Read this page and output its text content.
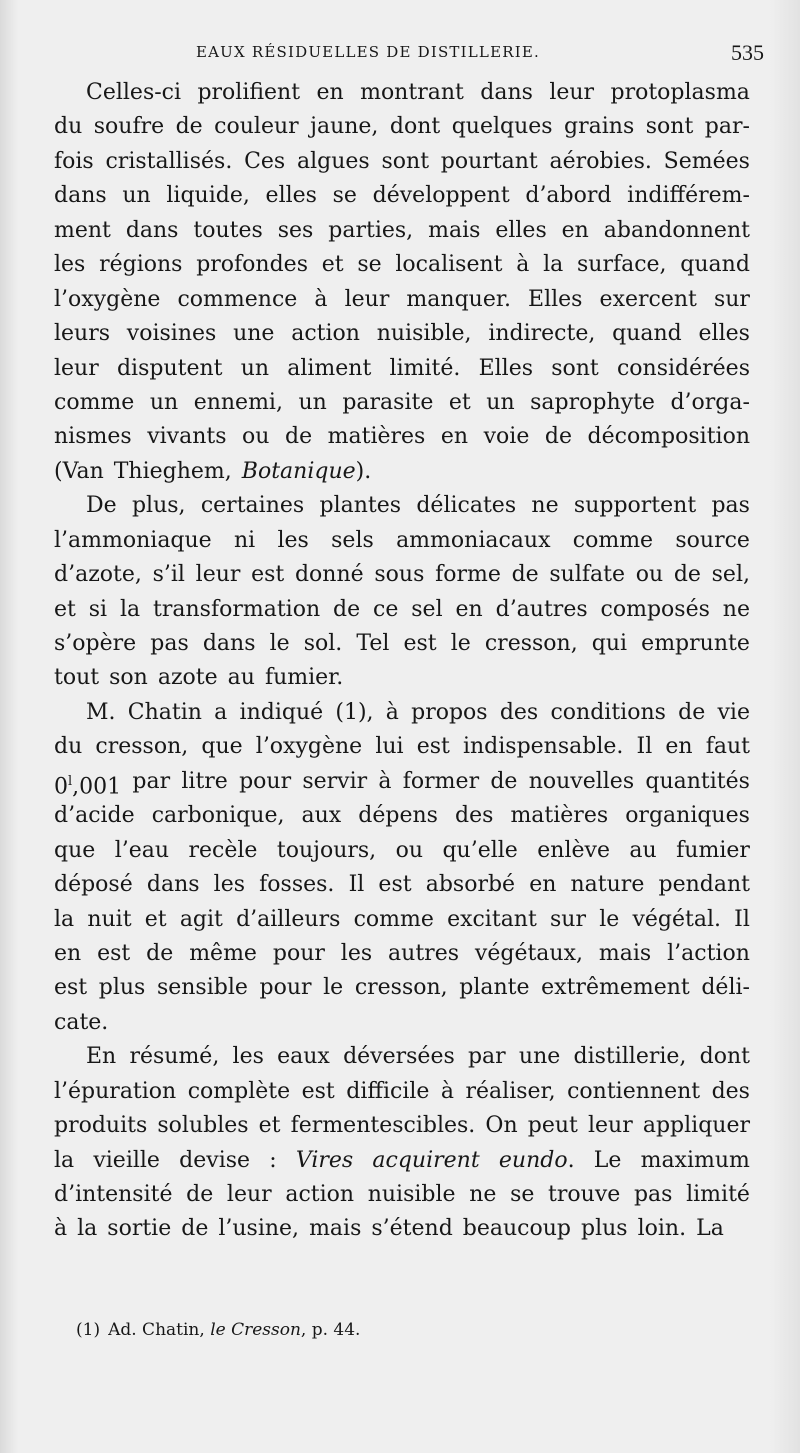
EAUX RÉSIDUELLES DE DISTILLERIE.	535
Celles-ci prolifient en montrant dans leur protoplasma
du soufre de couleur jaune, dont quelques grains sont par-
fois cristallisés. Ces algues sont pourtant aérobies. Semées
dans un liquide, elles se développent d’abord indifférem-
ment dans toutes ses parties, mais elles en abandonnent
les régions profondes et se localisent à la surface, quand
l’oxygène commence à leur manquer. Elles exercent sur
leurs voisines une action nuisible, indirecte, quand elles
leur disputent un aliment limité. Elles sont considérées
comme un ennemi, un parasite et un saprophyte d’orga-
nismes vivants ou de matières en voie de décomposition
(Van Thieghem, Botanique).
De plus, certaines plantes délicates ne supportent pas
l’ammoniaque ni les sels ammoniacaux comme source
d’azote, s’il leur est donné sous forme de sulfate ou de sel,
et si la transformation de ce sel en d’autres composés ne
s’opère pas dans le sol. Tel est le cresson, qui emprunte
tout son azote au fumier.
M. Chatin a indiqué (1), à propos des conditions de vie
du cresson, que l’oxygène lui est indispensable. Il en faut
0$^l$,001 par litre pour servir à former de nouvelles quantités
d’acide carbonique, aux dépens des matières organiques
que l’eau recèle toujours, ou qu’elle enlève au fumier
déposé dans les fosses. Il est absorbé en nature pendant
la nuit et agit d’ailleurs comme excitant sur le végétal. Il
en est de même pour les autres végétaux, mais l’action
est plus sensible pour le cresson, plante extrêmement déli-
cate.
En résumé, les eaux déversées par une distillerie, dont
l’épuration complète est difficile à réaliser, contiennent des
produits solubles et fermentescibles. On peut leur appliquer
la vieille devise : Vires acquirent eundo. Le maximum
d’intensité de leur action nuisible ne se trouve pas limité
à la sortie de l’usine, mais s’étend beaucoup plus loin. La
(1) Ad. Chatin, le Cresson, p. 44.
